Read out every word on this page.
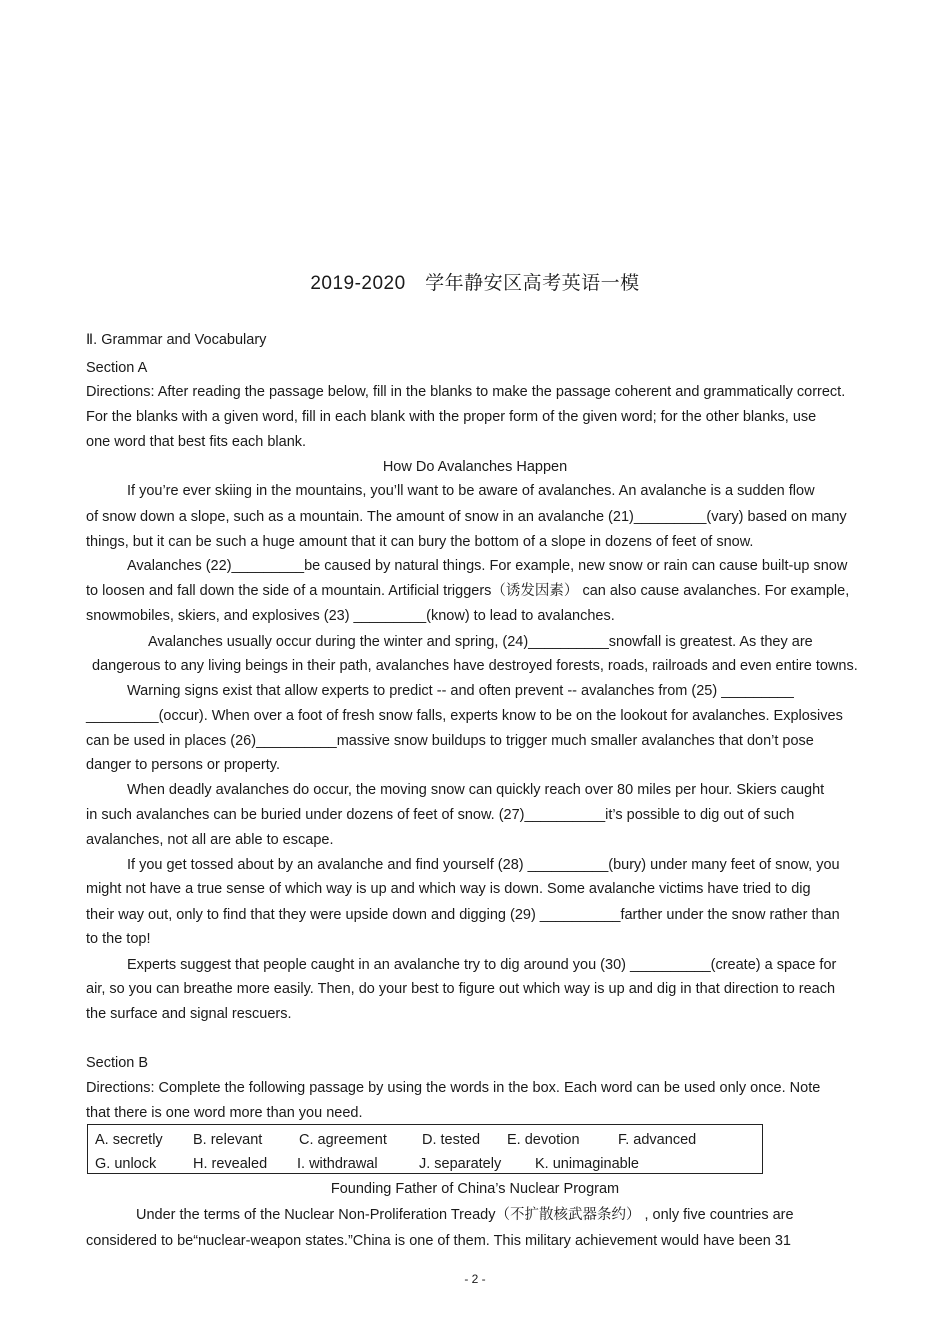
2019-2020　学年静安区高考英语一模
Ⅱ. Grammar and Vocabulary
Section A
Directions: After reading the passage below, fill in the blanks to make the passage coherent and grammatically correct.
For the blanks with a given word, fill in each blank with the proper form of the given word; for the other blanks, use
one word that best fits each blank.
How Do Avalanches Happen
If you’re ever skiing in the mountains, you’ll want to be aware of avalanches. An avalanche is a sudden flow
of snow down a slope, such as a mountain. The amount of snow in an avalanche (21)_________(vary) based on many
things, but it can be such a huge amount that it can bury the bottom of a slope in dozens of feet of snow.
Avalanches (22)_________be caused by natural things. For example, new snow or rain can cause built-up snow
to loosen and fall down the side of a mountain. Artificial triggers（诱发因素） can also cause avalanches. For example,
snowmobiles, skiers, and explosives (23) _________(know) to lead to avalanches.
Avalanches usually occur during the winter and spring, (24)__________snowfall is greatest. As they are
dangerous to any living beings in their path, avalanches have destroyed forests, roads, railroads and even entire towns.
Warning signs exist that allow experts to predict -- and often prevent -- avalanches from (25) _________
_________(occur). When over a foot of fresh snow falls, experts know to be on the lookout for avalanches. Explosives
can be used in places (26)__________massive snow buildups to trigger much smaller avalanches that don’t pose
danger to persons or property.
When deadly avalanches do occur, the moving snow can quickly reach over 80 miles per hour. Skiers caught
in such avalanches can be buried under dozens of feet of snow. (27)__________it’s possible to dig out of such
avalanches, not all are able to escape.
If you get tossed about by an avalanche and find yourself (28) __________(bury) under many feet of snow, you
might not have a true sense of which way is up and which way is down. Some avalanche victims have tried to dig
their way out, only to find that they were upside down and digging (29) __________farther under the snow rather than
to the top!
Experts suggest that people caught in an avalanche try to dig around you (30) __________(create) a space for
air, so you can breathe more easily. Then, do your best to figure out which way is up and dig in that direction to reach
the surface and signal rescuers.
Section B
Directions: Complete the following passage by using the words in the box. Each word can be used only once. Note
that there is one word more than you need.
A. secretly B. relevant	C. agreement D. tested E. devotion	F. advanced
G. unlock	H. revealed I. withdrawal	J. separately K. unimaginable
Founding Father of China’s Nuclear Program
Under the terms of the Nuclear Non-Proliferation Tready（不扩散核武器条约） , only five countries are
considered to be“nuclear-weapon states.”China is one of them. This military achievement would have been 31
- 2 -
